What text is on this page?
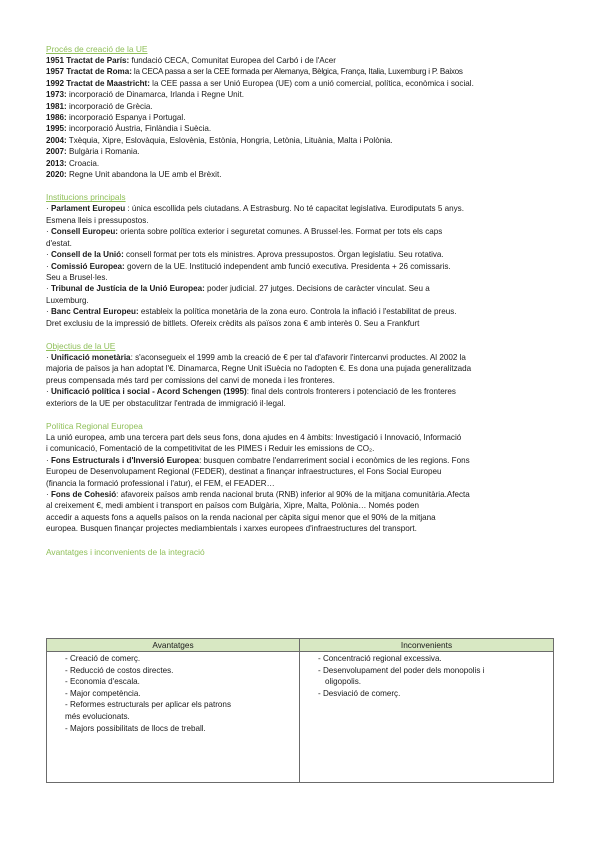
Procés de creació de la UE
1951 Tractat de París: fundació CECA, Comunitat Europea del Carbó i de l'Acer
1957 Tractat de Roma: la CECA passa a ser la CEE formada per Alemanya, Bèlgica, França, Italia, Luxemburg i P. Baixos
1992 Tractat de Maastricht: la CEE passa a ser Unió Europea (UE) com a unió comercial, política, econòmica i social.
1973: incorporació de Dinamarca, Irlanda i Regne Unit.
1981: incorporació de Grècia.
1986: incorporació Espanya i Portugal.
1995: incorporació Àustria, Finlàndia i Suècia.
2004: Txèquia, Xipre, Eslovàquia, Eslovènia, Estònia, Hongria, Letònia, Lituània, Malta i Polònia.
2007: Bulgària i Romania.
2013: Croacia.
2020: Regne Unit abandona la UE amb el Brèxit.
Institucions principals
· Parlament Europeu : única escollida pels ciutadans. A Estrasburg. No té capacitat legislativa. Eurodiputats 5 anys.
Esmena lleis i pressupostos.
· Consell Europeu: orienta sobre política exterior i seguretat comunes. A Brussel·les. Format per tots els caps
d'estat.
· Consell de la Unió: consell format per tots els ministres. Aprova pressupostos. Òrgan legislatiu. Seu rotativa.
· Comissió Europea: govern de la UE. Institució independent amb funció executiva. Presidenta + 26 comissaris.
Seu a Brusel·les.
· Tribunal de Justícia de la Unió Europea: poder judicial. 27 jutges. Decisions de caràcter vinculat. Seu a
Luxemburg.
· Banc Central Europeu: estableix la política monetària de la zona euro. Controla la inflació i l'estabilitat de preus.
Dret exclusiu de la impressió de bitllets. Ofereix crèdits als països zona € amb interès 0. Seu a Frankfurt
Objectius de la UE
· Unificació monetària: s'aconsegueix el 1999 amb la creació de € per tal d'afavorir l'intercanvi productes. Al 2002 la
majoria de països ja han adoptat l'€. Dinamarca, Regne Unit iSuècia no l'adopten €. Es dona una pujada generalitzada
preus compensada més tard per comissions del canvi de moneda i les fronteres.
· Unificació política i social - Acord Schengen (1995): final dels controls fronterers i potenciació de les fronteres
exteriors de la UE per obstaculitzar l'entrada de immigració il·legal.
Política Regional Europea
La unió europea, amb una tercera part dels seus fons, dona ajudes en 4 àmbits: Investigació i Innovació, Informació
i comunicació, Fomentació de la competitivitat de les PIMES i Reduir les emissions de CO₂.
· Fons Estructurals i d'Inversió Europea: busquen combatre l'endarreriment social i econòmics de les regions. Fons
Europeu de Desenvolupament Regional (FEDER), destinat a finançar infraestructures, el Fons Social Europeu
(financia la formació professional i l'atur), el FEM, el FEADER…
· Fons de Cohesió: afavoreix països amb renda nacional bruta (RNB) inferior al 90% de la mitjana comunitària.Afecta
al creixement €, medi ambient i transport en països com Bulgària, Xipre, Malta, Polònia… Només poden
accedir a aquests fons a aquells països on la renda nacional per càpita sigui menor que el 90% de la mitjana
europea. Busquen finançar projectes mediambientals i xarxes europees d'infraestructures del transport.
Avantatges i inconvenients de la integració
Avantatges	Inconvenients
- Creació de comerç.
- Reducció de costos directes.
- Economia d'escala.
- Major competència.
- Reformes estructurals per aplicar els patrons
més evolucionats.
- Majors possibilitats de llocs de treball.
- Concentració regional excessiva.
- Desenvolupament del poder dels monopolis i
oligopolis.
- Desviació de comerç.
